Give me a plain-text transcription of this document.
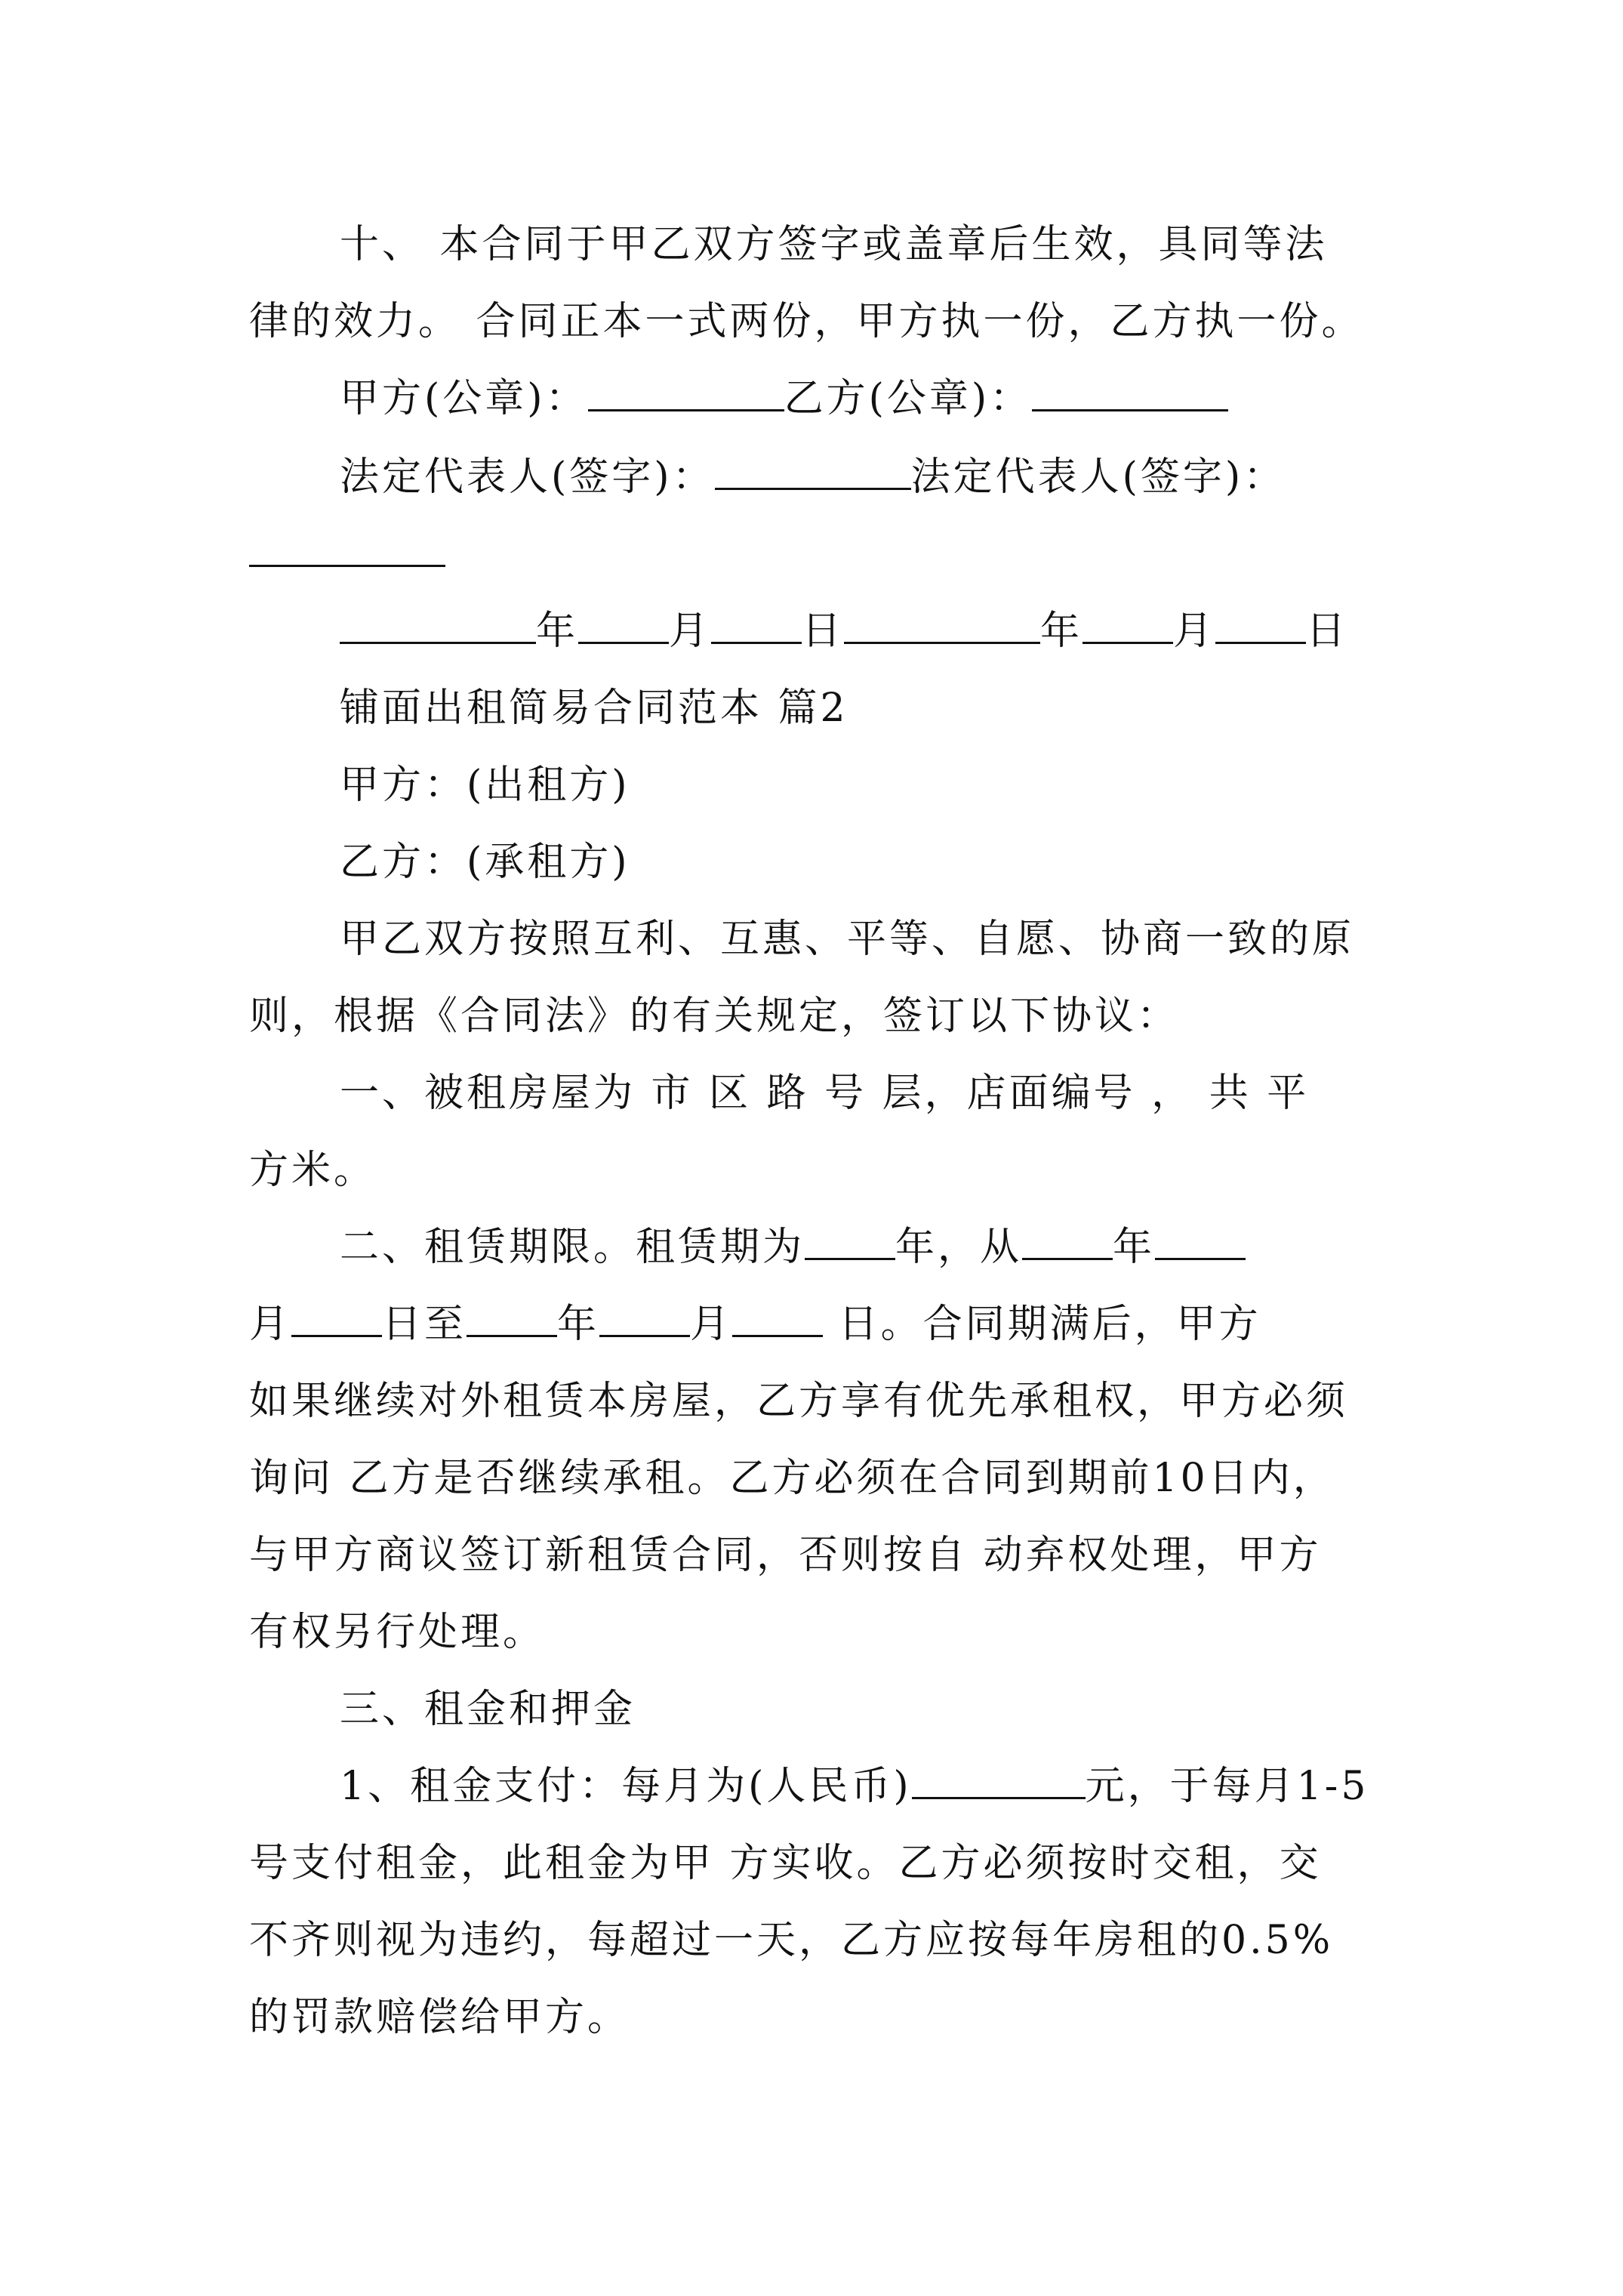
十、 本合同于甲乙双方签字或盖章后生效，具同等法
律的效力。 合同正本一式两份，甲方执一份，乙方执一份。
甲方(公章)：	乙方(公章)：
法定代表人(签字)：	法定代表人(签字)：
年 月 日	年 月 日
铺面出租简易合同范本 篇2
甲方：(出租方)
乙方：(承租方)
甲乙双方按照互利、互惠、平等、自愿、协商一致的原
则，根据《合同法》的有关规定，签订以下协议：
一、被租房屋为 市 区 路 号 层，店面编号 ， 共 平
方米。
二、租赁期限。租赁期为 年，从 年
月 日至 年 月 日。合同期满后，甲方
如果继续对外租赁本房屋，乙方享有优先承租权，甲方必须
询问 乙方是否继续承租。乙方必须在合同到期前10日内，
与甲方商议签订新租赁合同，否则按自 动弃权处理，甲方
有权另行处理。
三、租金和押金
1、租金支付：每月为(人民币)	元，于每月1-5
号支付租金，此租金为甲 方实收。乙方必须按时交租，交
不齐则视为违约，每超过一天，乙方应按每年房租的0.5%
的罚款赔偿给甲方。
